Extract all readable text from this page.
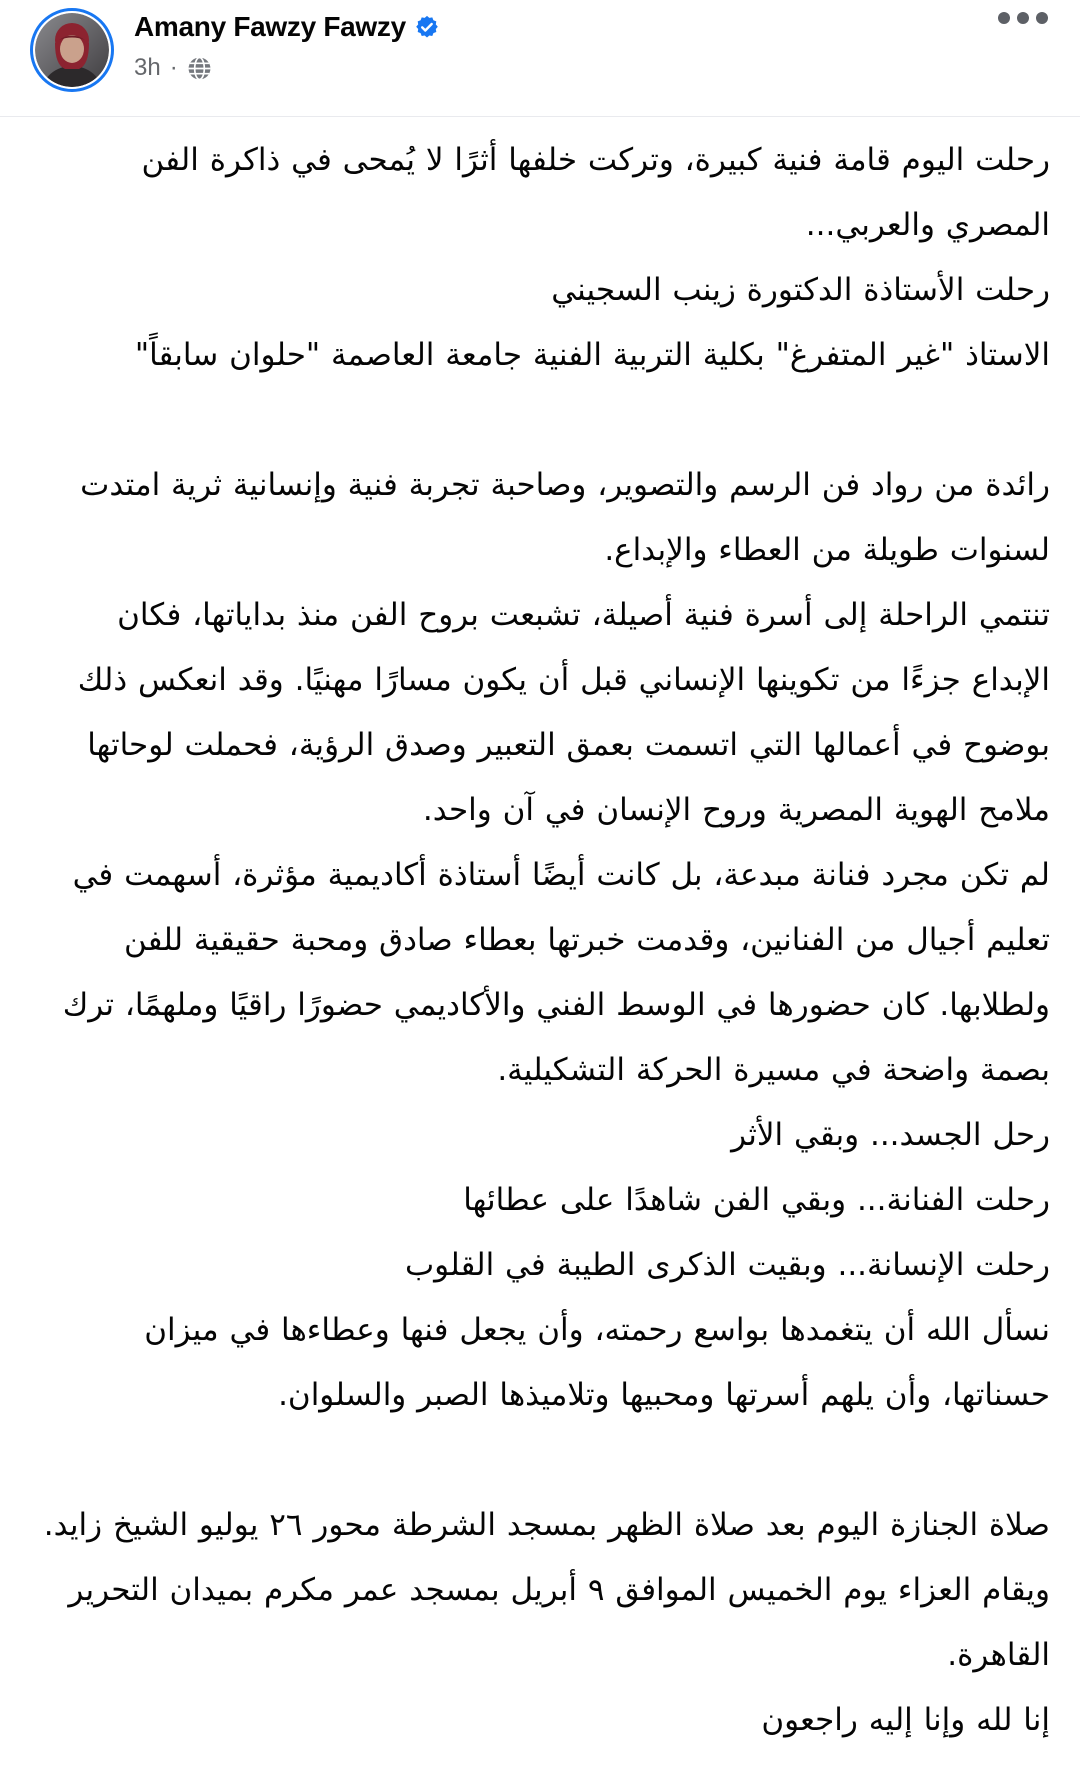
Amany Fawzy Fawzy
3h ·
رحلت اليوم قامة فنية كبيرة، وتركت خلفها أثرًا لا يُمحى في ذاكرة الفن المصري والعربي...
رحلت الأستاذة الدكتورة زينب السجيني
الاستاذ "غير المتفرغ" بكلية التربية الفنية جامعة العاصمة "حلوان سابقاً"
رائدة من رواد فن الرسم والتصوير، وصاحبة تجربة فنية وإنسانية ثرية امتدت لسنوات طويلة من العطاء والإبداع.
تنتمي الراحلة إلى أسرة فنية أصيلة، تشبعت بروح الفن منذ بداياتها، فكان الإبداع جزءًا من تكوينها الإنساني قبل أن يكون مسارًا مهنيًا. وقد انعكس ذلك بوضوح في أعمالها التي اتسمت بعمق التعبير وصدق الرؤية، فحملت لوحاتها ملامح الهوية المصرية وروح الإنسان في آن واحد.
لم تكن مجرد فنانة مبدعة، بل كانت أيضًا أستاذة أكاديمية مؤثرة، أسهمت في تعليم أجيال من الفنانين، وقدمت خبرتها بعطاء صادق ومحبة حقيقية للفن ولطلابها. كان حضورها في الوسط الفني والأكاديمي حضورًا راقيًا وملهمًا، ترك بصمة واضحة في مسيرة الحركة التشكيلية.
رحل الجسد... وبقي الأثر
رحلت الفنانة... وبقي الفن شاهدًا على عطائها
رحلت الإنسانة... وبقيت الذكرى الطيبة في القلوب
نسأل الله أن يتغمدها بواسع رحمته، وأن يجعل فنها وعطاءها في ميزان حسناتها، وأن يلهم أسرتها ومحبيها وتلاميذها الصبر والسلوان.
صلاة الجنازة اليوم بعد صلاة الظهر بمسجد الشرطة محور ٢٦ يوليو الشيخ زايد.
ويقام العزاء يوم الخميس الموافق ٩ أبريل بمسجد عمر مكرم بميدان التحرير القاهرة.
إنا لله وإنا إليه راجعون
